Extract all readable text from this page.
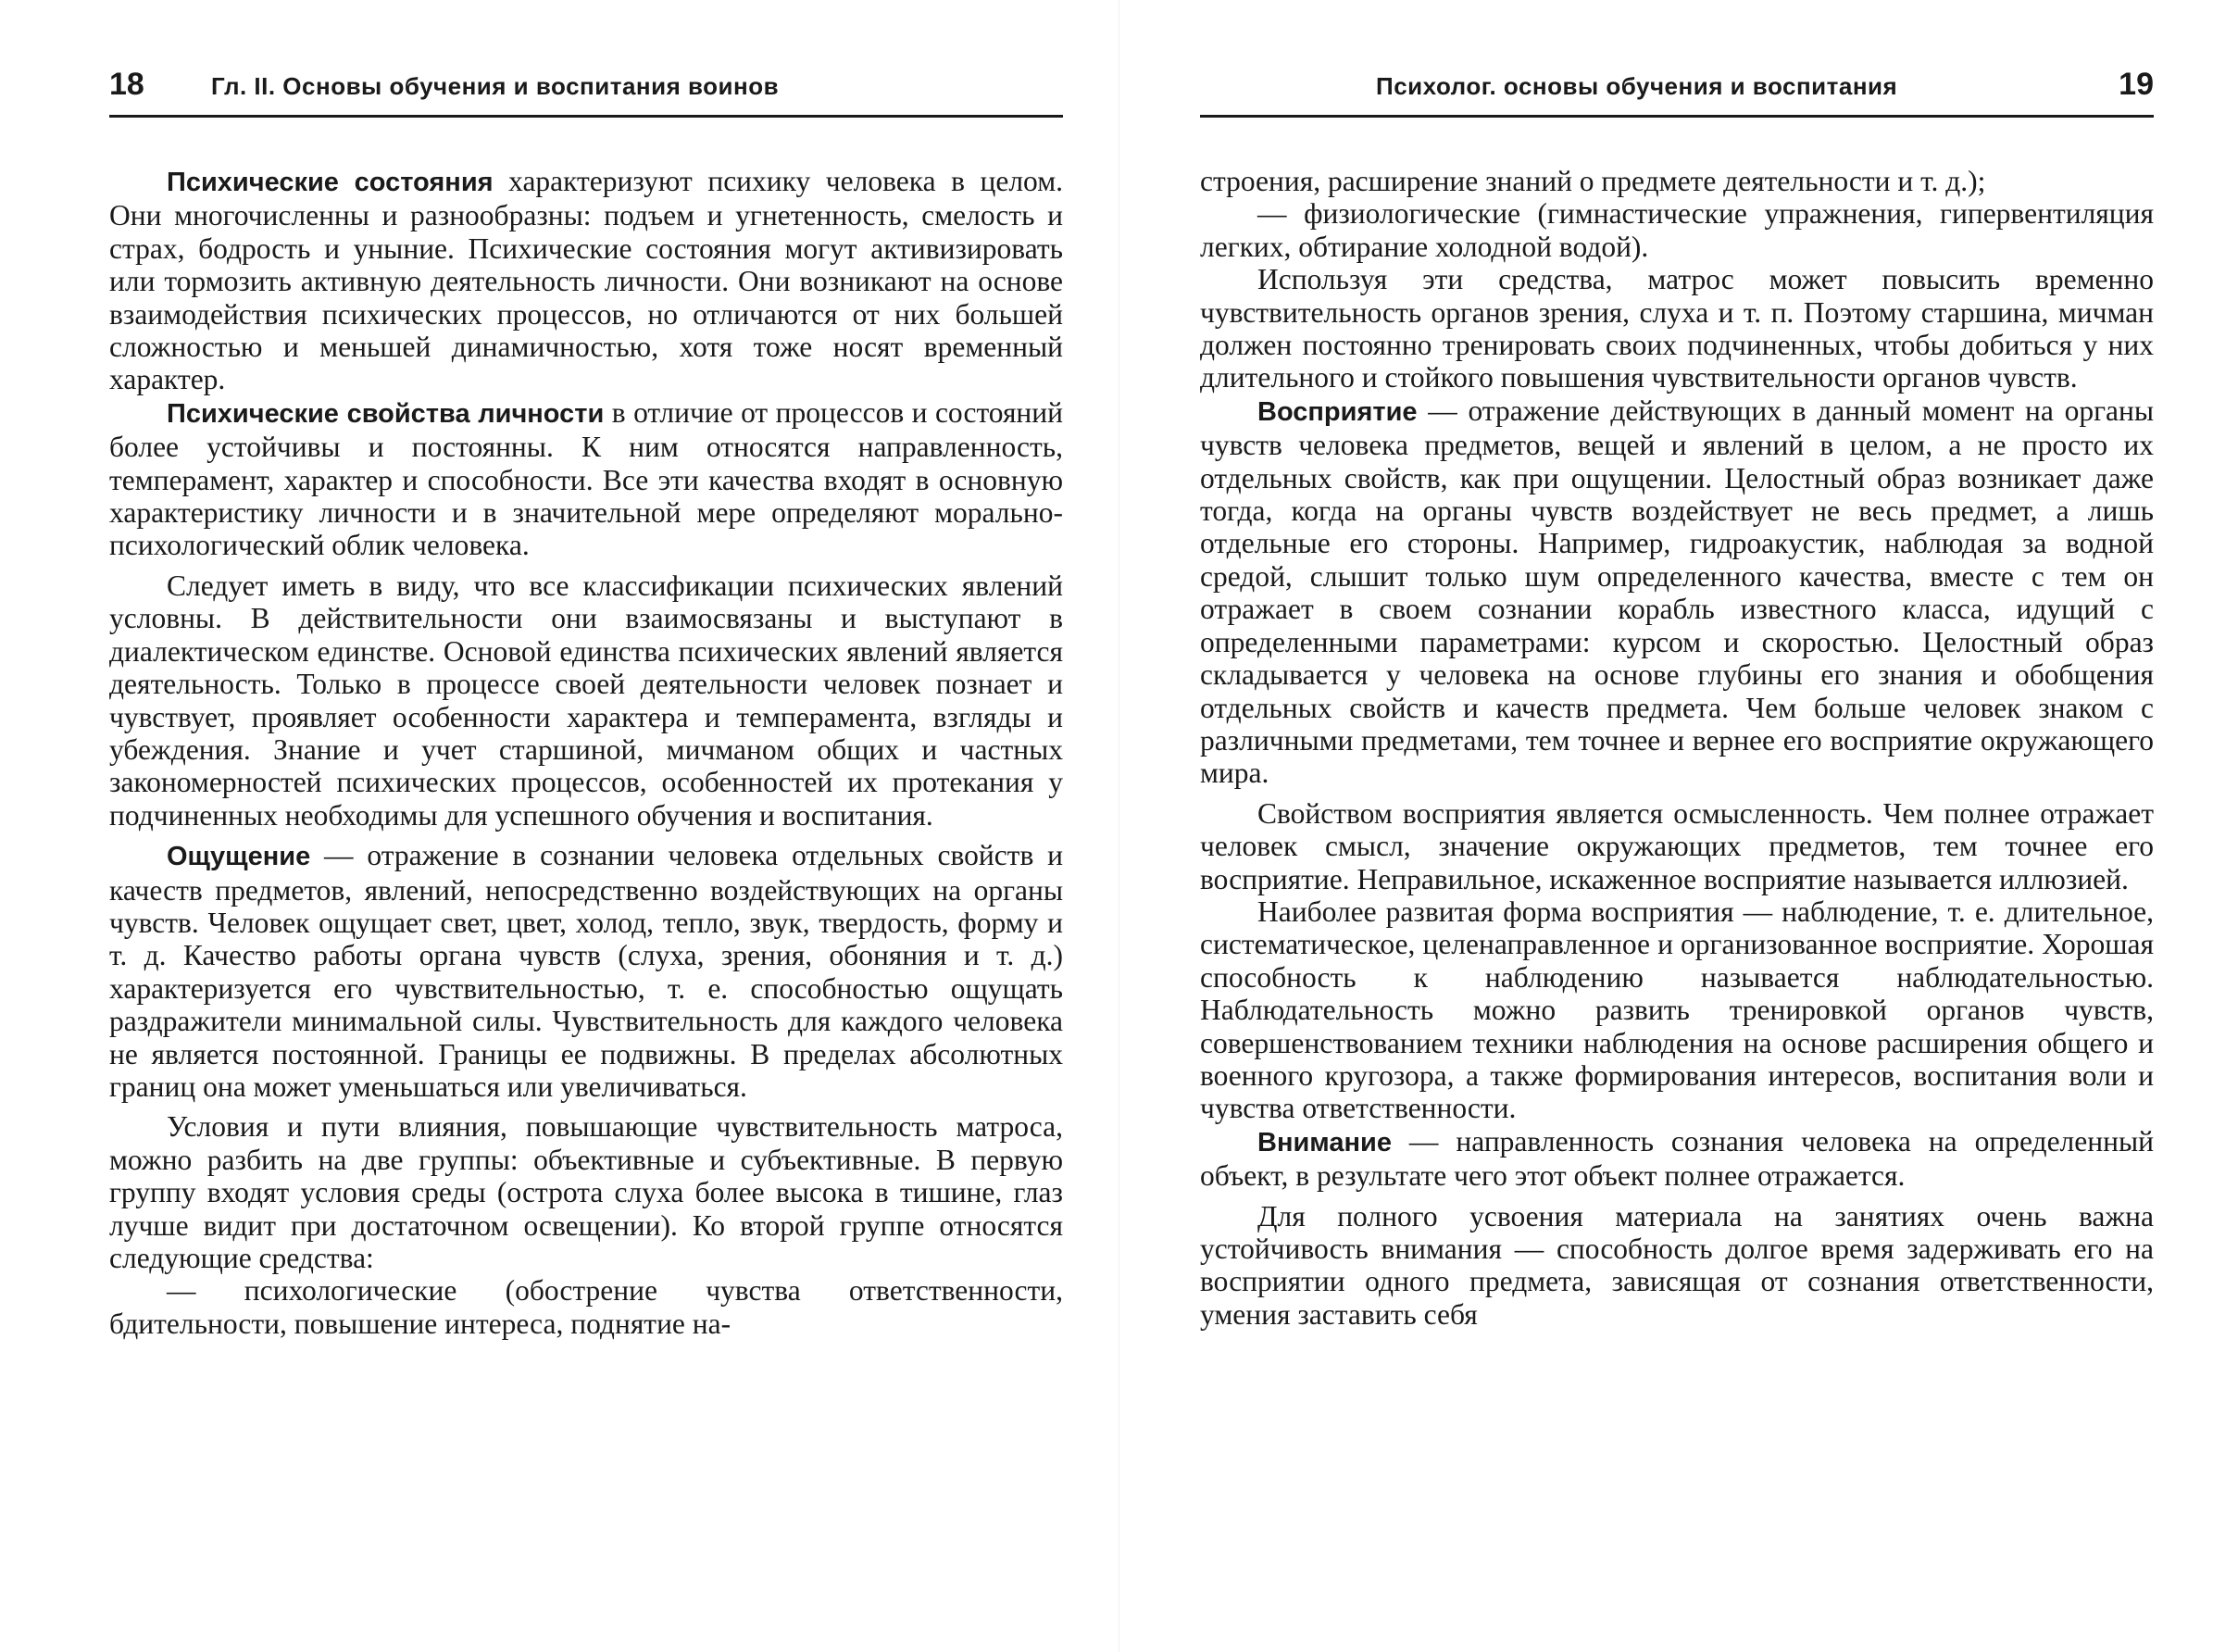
18	Гл. II. Основы обучения и воспитания воинов

Психические состояния характеризуют психику человека в целом. Они многочисленны и разнообразны: подъем и угнетенность, смелость и страх, бодрость и уныние. Психические состояния могут активизировать или тормозить активную деятельность личности. Они возникают на основе взаимодействия психических процессов, но отличаются от них большей сложностью и меньшей динамичностью, хотя тоже носят временный характер.

Психические свойства личности в отличие от процессов и состояний более устойчивы и постоянны. К ним относятся направленность, темперамент, характер и способности. Все эти качества входят в основную характеристику личности и в значительной мере определяют морально-психологический облик человека.

Следует иметь в виду, что все классификации психических явлений условны. В действительности они взаимосвязаны и выступают в диалектическом единстве. Основой единства психических явлений является деятельность. Только в процессе своей деятельности человек познает и чувствует, проявляет особенности характера и темперамента, взгляды и убеждения. Знание и учет старшиной, мичманом общих и частных закономерностей психических процессов, особенностей их протекания у подчиненных необходимы для успешного обучения и воспитания.

Ощущение — отражение в сознании человека отдельных свойств и качеств предметов, явлений, непосредственно воздействующих на органы чувств. Человек ощущает свет, цвет, холод, тепло, звук, твердость, форму и т. д. Качество работы органа чувств (слуха, зрения, обоняния и т. д.) характеризуется его чувствительностью, т. е. способностью ощущать раздражители минимальной силы. Чувствительность для каждого человека не является постоянной. Границы ее подвижны. В пределах абсолютных границ она может уменьшаться или увеличиваться.

Условия и пути влияния, повышающие чувствительность матроса, можно разбить на две группы: объективные и субъективные. В первую группу входят условия среды (острота слуха более высока в тишине, глаз лучше видит при достаточном освещении). Ко второй группе относятся следующие средства:

— психологические (обострение чувства ответственности, бдительности, повышение интереса, поднятие на-

Психолог. основы обучения и воспитания	19

строения, расширение знаний о предмете деятельности и т. д.);

— физиологические (гимнастические упражнения, гипервентиляция легких, обтирание холодной водой).

Используя эти средства, матрос может повысить временно чувствительность органов зрения, слуха и т. п. Поэтому старшина, мичман должен постоянно тренировать своих подчиненных, чтобы добиться у них длительного и стойкого повышения чувствительности органов чувств.

Восприятие — отражение действующих в данный момент на органы чувств человека предметов, вещей и явлений в целом, а не просто их отдельных свойств, как при ощущении. Целостный образ возникает даже тогда, когда на органы чувств воздействует не весь предмет, а лишь отдельные его стороны. Например, гидроакустик, наблюдая за водной средой, слышит только шум определенного качества, вместе с тем он отражает в своем сознании корабль известного класса, идущий с определенными параметрами: курсом и скоростью. Целостный образ складывается у человека на основе глубины его знания и обобщения отдельных свойств и качеств предмета. Чем больше человек знаком с различными предметами, тем точнее и вернее его восприятие окружающего мира.

Свойством восприятия является осмысленность. Чем полнее отражает человек смысл, значение окружающих предметов, тем точнее его восприятие. Неправильное, искаженное восприятие называется иллюзией.

Наиболее развитая форма восприятия — наблюдение, т. е. длительное, систематическое, целенаправленное и организованное восприятие. Хорошая способность к наблюдению называется наблюдательностью. Наблюдательность можно развить тренировкой органов чувств, совершенствованием техники наблюдения на основе расширения общего и военного кругозора, а также формирования интересов, воспитания воли и чувства ответственности.

Внимание — направленность сознания человека на определенный объект, в результате чего этот объект полнее отражается.

Для полного усвоения материала на занятиях очень важна устойчивость внимания — способность долгое время задерживать его на восприятии одного предмета, зависящая от сознания ответственности, умения заставить себя
